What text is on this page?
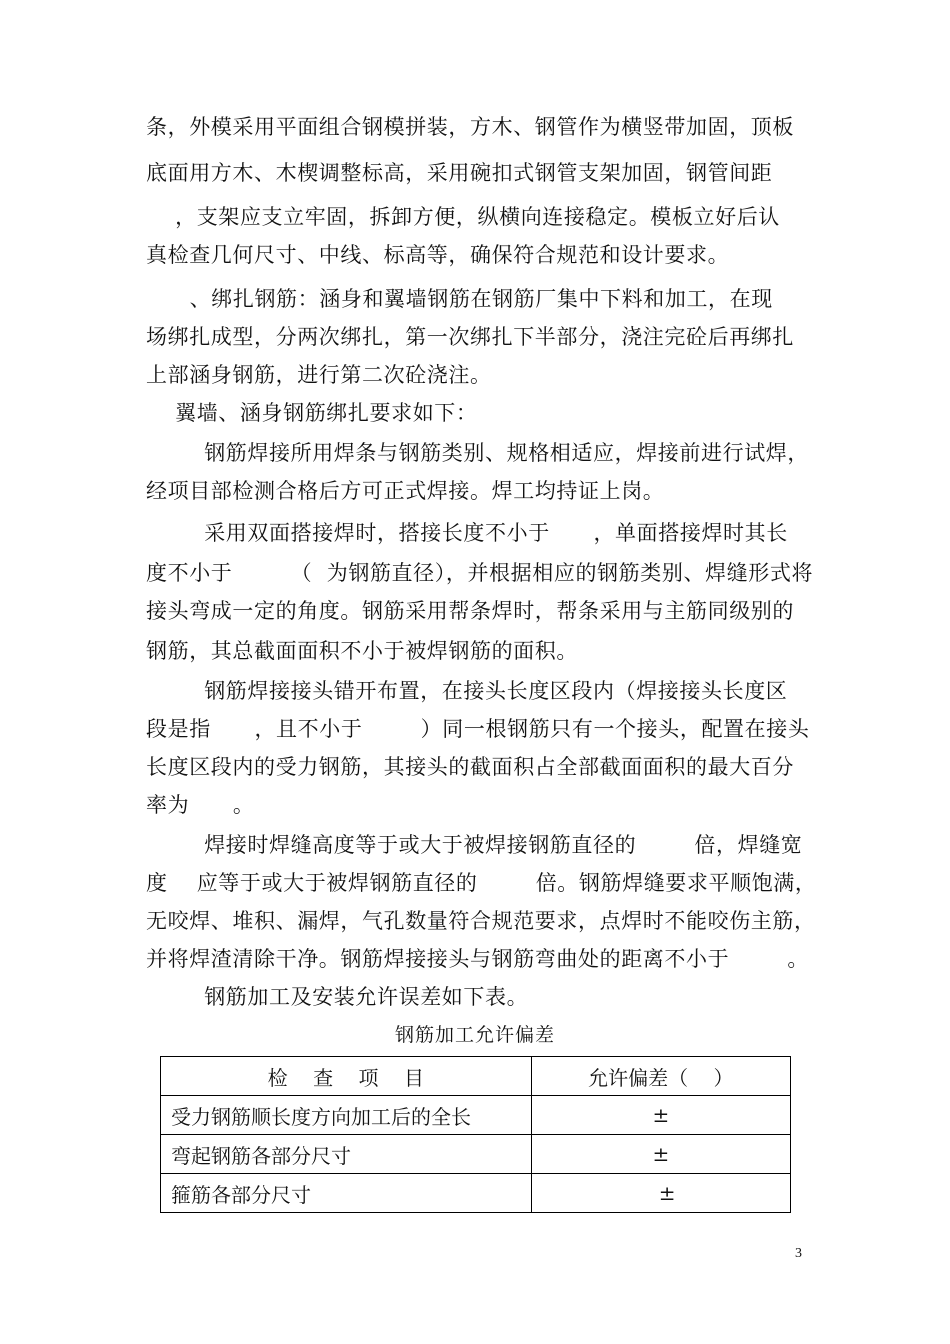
条，外模采用平面组合钢模拼装，方木、钢管作为横竖带加固，顶板
底面用方木、木楔调整标高，采用碗扣式钢管支架加固，钢管间距
，支架应支立牢固，拆卸方便，纵横向连接稳定。模板立好后认
真检查几何尺寸、中线、标高等，确保符合规范和设计要求。
、绑扎钢筋：涵身和翼墙钢筋在钢筋厂集中下料和加工，在现
场绑扎成型，分两次绑扎，第一次绑扎下半部分，浇注完砼后再绑扎
上部涵身钢筋，进行第二次砼浇注。
翼墙、涵身钢筋绑扎要求如下：
钢筋焊接所用焊条与钢筋类别、规格相适应，焊接前进行试焊，
经项目部检测合格后方可正式焊接。焊工均持证上岗。
采用双面搭接焊时，搭接长度不小于      ，单面搭接焊时其长
度不小于        （  为钢筋直径），并根据相应的钢筋类别、焊缝形式将
接头弯成一定的角度。钢筋采用帮条焊时，帮条采用与主筋同级别的
钢筋，其总截面面积不小于被焊钢筋的面积。
钢筋焊接接头错开布置，在接头长度区段内（焊接接头长度区
段是指      ，且不小于        ）同一根钢筋只有一个接头，配置在接头
长度区段内的受力钢筋，其接头的截面积占全部截面面积的最大百分
率为      。
焊接时焊缝高度等于或大于被焊接钢筋直径的        倍，焊缝宽
度    应等于或大于被焊钢筋直径的        倍。钢筋焊缝要求平顺饱满，
无咬焊、堆积、漏焊，气孔数量符合规范要求，点焊时不能咬伤主筋，
并将焊渣清除干净。钢筋焊接接头与钢筋弯曲处的距离不小于        。
钢筋加工及安装允许误差如下表。
钢筋加工允许偏差
检    查    项    目	允许偏差（    ）
受力钢筋顺长度方向加工后的全长	±
弯起钢筋各部分尺寸	±
箍筋各部分尺寸	±
3
